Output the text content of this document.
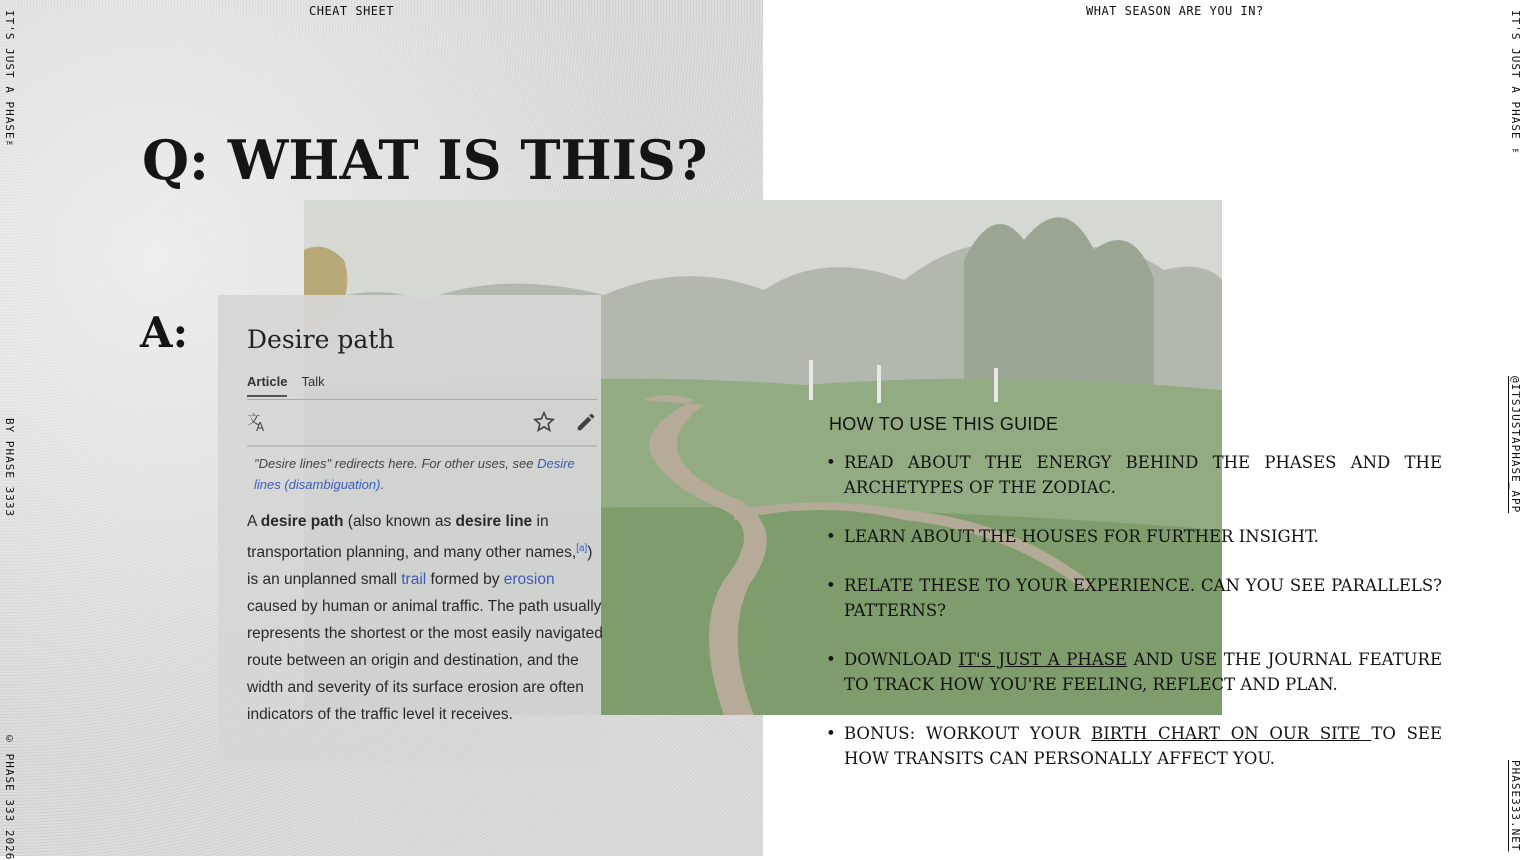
CHEAT SHEET	WHAT SEASON ARE YOU IN?
IT'S JUST A PHASE™
BY PHASE 3333
© PHASE 333 2026
IT'S JUST A PHASE ™
@ITSJUSTAPHASE_APP
PHASE333.NET
Q: WHAT IS THIS?
A: Desire path
Article Talk
文
A
"Desire lines" redirects here. For other uses, see Desire lines (disambiguation).
A desire path (also known as desire line in transportation planning, and many other names,[a]) is an unplanned small trail formed by erosion caused by human or animal traffic. The path usually represents the shortest or the most easily navigated route between an origin and destination, and the width and severity of its surface erosion are often indicators of the traffic level it receives.
HOW TO USE THIS GUIDE
• READ ABOUT THE ENERGY BEHIND THE PHASES AND THE ARCHETYPES OF THE ZODIAC.
• LEARN ABOUT THE HOUSES FOR FURTHER INSIGHT.
• RELATE THESE TO YOUR EXPERIENCE. CAN YOU SEE PARALLELS? PATTERNS?
• DOWNLOAD IT'S JUST A PHASE AND USE THE JOURNAL FEATURE TO TRACK HOW YOU'RE FEELING, REFLECT AND PLAN.
• BONUS: WORKOUT YOUR BIRTH CHART ON OUR SITE TO SEE HOW TRANSITS CAN PERSONALLY AFFECT YOU.
